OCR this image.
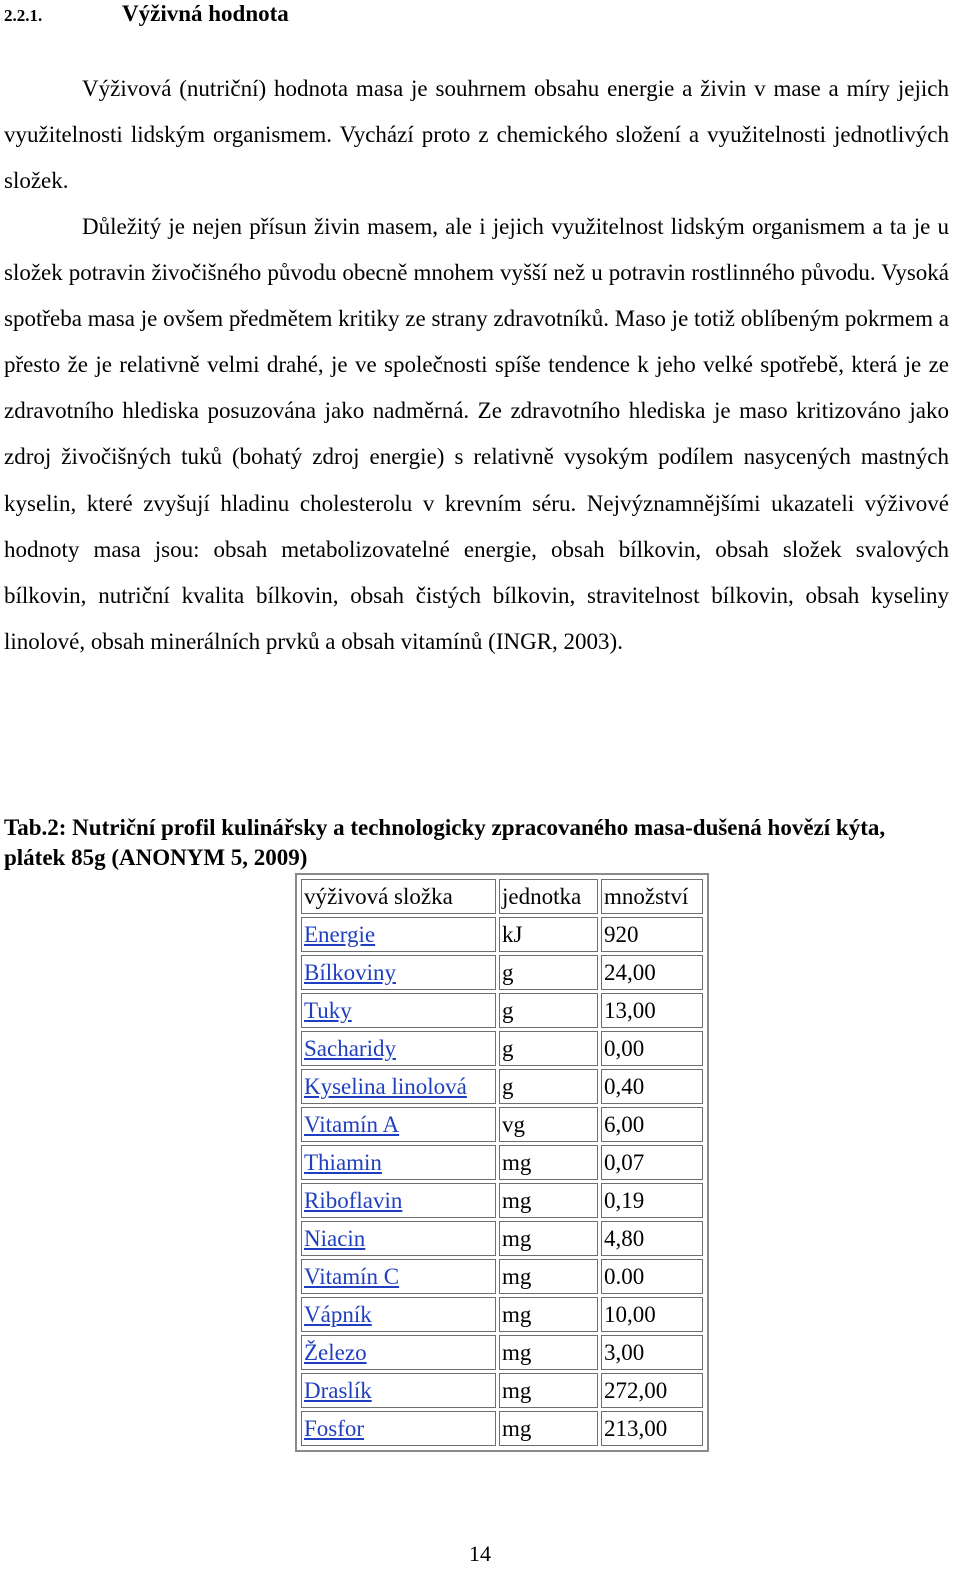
2.2.1.	Výživná hodnota

Výživová (nutriční) hodnota masa je souhrnem obsahu energie a živin v mase a míry jejich využitelnosti lidským organismem. Vychází proto z chemického složení a využitelnosti jednotlivých složek.

Důležitý je nejen přísun živin masem, ale i jejich využitelnost lidským organismem a ta je u složek potravin živočišného původu obecně mnohem vyšší než u potravin rostlinného původu. Vysoká spotřeba masa je ovšem předmětem kritiky ze strany zdravotníků. Maso je totiž oblíbeným pokrmem a přesto že je relativně velmi drahé, je ve společnosti spíše tendence k jeho velké spotřebě, která je ze zdravotního hlediska posuzována jako nadměrná. Ze zdravotního hlediska je maso kritizováno jako zdroj živočišných tuků (bohatý zdroj energie) s relativně vysokým podílem nasycených mastných kyselin, které zvyšují hladinu cholesterolu v krevním séru. Nejvýznamnějšími ukazateli výživové hodnoty masa jsou: obsah metabolizovatelné energie, obsah bílkovin, obsah složek svalových bílkovin, nutriční kvalita bílkovin, obsah čistých bílkovin, stravitelnost bílkovin, obsah kyseliny linolové, obsah minerálních prvků a obsah vitamínů (INGR, 2003).

Tab.2: Nutriční profil kulinářsky a technologicky zpracovaného masa-dušená hovězí kýta, plátek 85g (ANONYM 5, 2009)

výživová složka	jednotka	množství
Energie	kJ	920
Bílkoviny	g	24,00
Tuky	g	13,00
Sacharidy	g	0,00
Kyselina linolová	g	0,40
Vitamín A	vg	6,00
Thiamin	mg	0,07
Riboflavin	mg	0,19
Niacin	mg	4,80
Vitamín C	mg	0.00
Vápník	mg	10,00
Železo	mg	3,00
Draslík	mg	272,00
Fosfor	mg	213,00
14
